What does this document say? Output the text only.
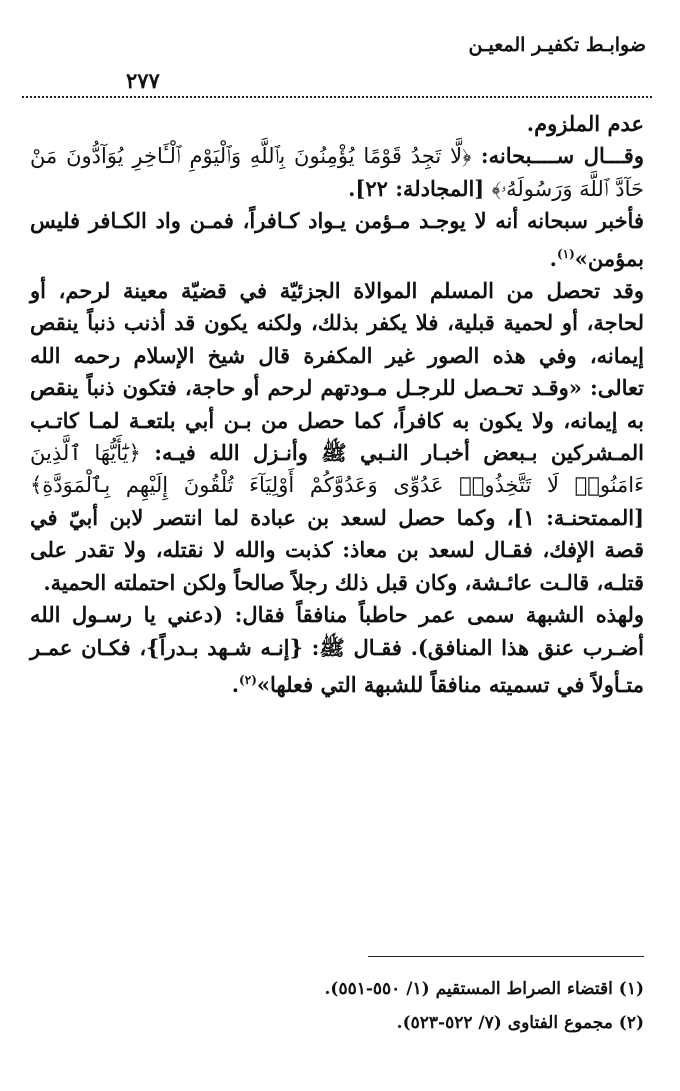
ضوابـط تكفيـر المعيـن
٢٧٧

عدم الملزوم.

وقـــال ســــبحانه: ﴿لَّا تَجِدُ قَوْمًا يُؤْمِنُونَ بِٱللَّهِ وَٱلْيَوْمِ ٱلْـَٔاخِرِ يُوَآدُّونَ مَنْ حَآدَّ ٱللَّهَ وَرَسُولَهُۥ﴾ [المجادلة: ٢٢].

فأخبر سبحانه أنه لا يوجـد مـؤمن يـواد كـافراً، فمـن واد الكـافر فليس بمؤمن»$^{(١)}$.

وقد تحصل من المسلم الموالاة الجزئيّة في قضيّة معينة لرحم، أو لحاجة، أو لحمية قبلية، فلا يكفر بذلك، ولكنه يكون قد أذنب ذنباً ينقص إيمانه، وفي هذه الصور غير المكفرة قال شيخ الإسلام رحمه الله تعالى: «وقـد تحـصل للرجـل مـودتهم لرحم أو حاجة، فتكون ذنباً ينقص به إيمانه، ولا يكون به كافراً، كما حصل من بـن أبي بلتعـة لمـا كاتـب المـشركين بـبعض أخبـار النـبي ﷺ وأنـزل الله فيـه: ﴿يَٰٓأَيُّهَا ٱلَّذِينَ ءَامَنُوا۟ لَا تَتَّخِذُوا۟ عَدُوِّى وَعَدُوَّكُمْ أَوْلِيَآءَ تُلْقُونَ إِلَيْهِم بِٱلْمَوَدَّةِ﴾ [الممتحنـة: ١]، وكما حصل لسعد بن عبادة لما انتصر لابن أبيّ في قصة الإفك، فقـال لسعد بن معاذ: كذبت والله لا نقتله، ولا تقدر على قتلـه، قالـت عائـشة، وكان قبل ذلك رجلاً صالحاً ولكن احتملته الحمية.

ولهذه الشبهة سمى عمر حاطباً منافقاً فقال: (دعني يا رسـول الله أضـرب عنق هذا المنافق). فقـال ﷺ: {إنـه شـهد بـدراً}، فكـان عمـر متـأولاً في تسميته منافقاً للشبهة التي فعلها»$^{(٢)}$.

(١) اقتضاء الصراط المستقيم (١/ ٥٥٠-٥٥١).

(٢) مجموع الفتاوى (٧/ ٥٢٢-٥٢٣).
